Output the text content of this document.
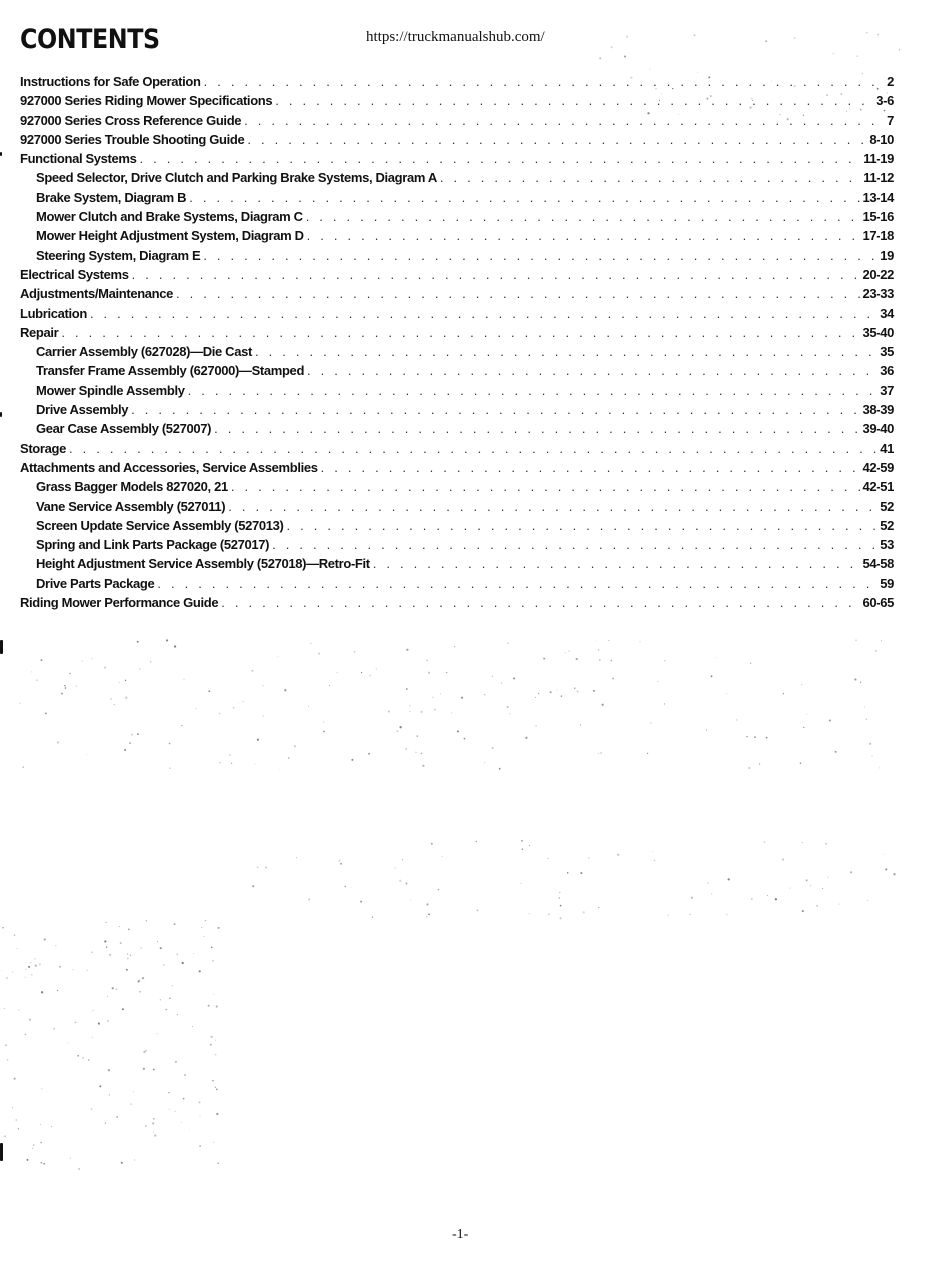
CONTENTS	https://truckmanualshub.com/
Instructions for Safe Operation . . .	2
927000 Series Riding Mower Specifications . . .	3-6
927000 Series Cross Reference Guide . . .	7
927000 Series Trouble Shooting Guide . . .	8-10
Functional Systems . . .	11-19
Speed Selector, Drive Clutch and Parking Brake Systems, Diagram A . . .	11-12
Brake System, Diagram B . . .	13-14
Mower Clutch and Brake Systems, Diagram C . . .	15-16
Mower Height Adjustment System, Diagram D . . .	17-18
Steering System, Diagram E . . .	19
Electrical Systems . . .	20-22
Adjustments/Maintenance . . .	23-33
Lubrication . . .	34
Repair . . .	35-40
Carrier Assembly (627028)—Die Cast . . .	35
Transfer Frame Assembly (627000)—Stamped . . .	36
Mower Spindle Assembly . . .	37
Drive Assembly . . .	38-39
Gear Case Assembly (527007) . . .	39-40
Storage . . .	41
Attachments and Accessories, Service Assemblies . . .	42-59
Grass Bagger Models 827020, 21 . . .	42-51
Vane Service Assembly (527011) . . .	52
Screen Update Service Assembly (527013) . . .	52
Spring and Link Parts Package (527017) . . .	53
Height Adjustment Service Assembly (527018)—Retro-Fit . . .	54-58
Drive Parts Package . . .	59
Riding Mower Performance Guide . . .	60-65
-1-
